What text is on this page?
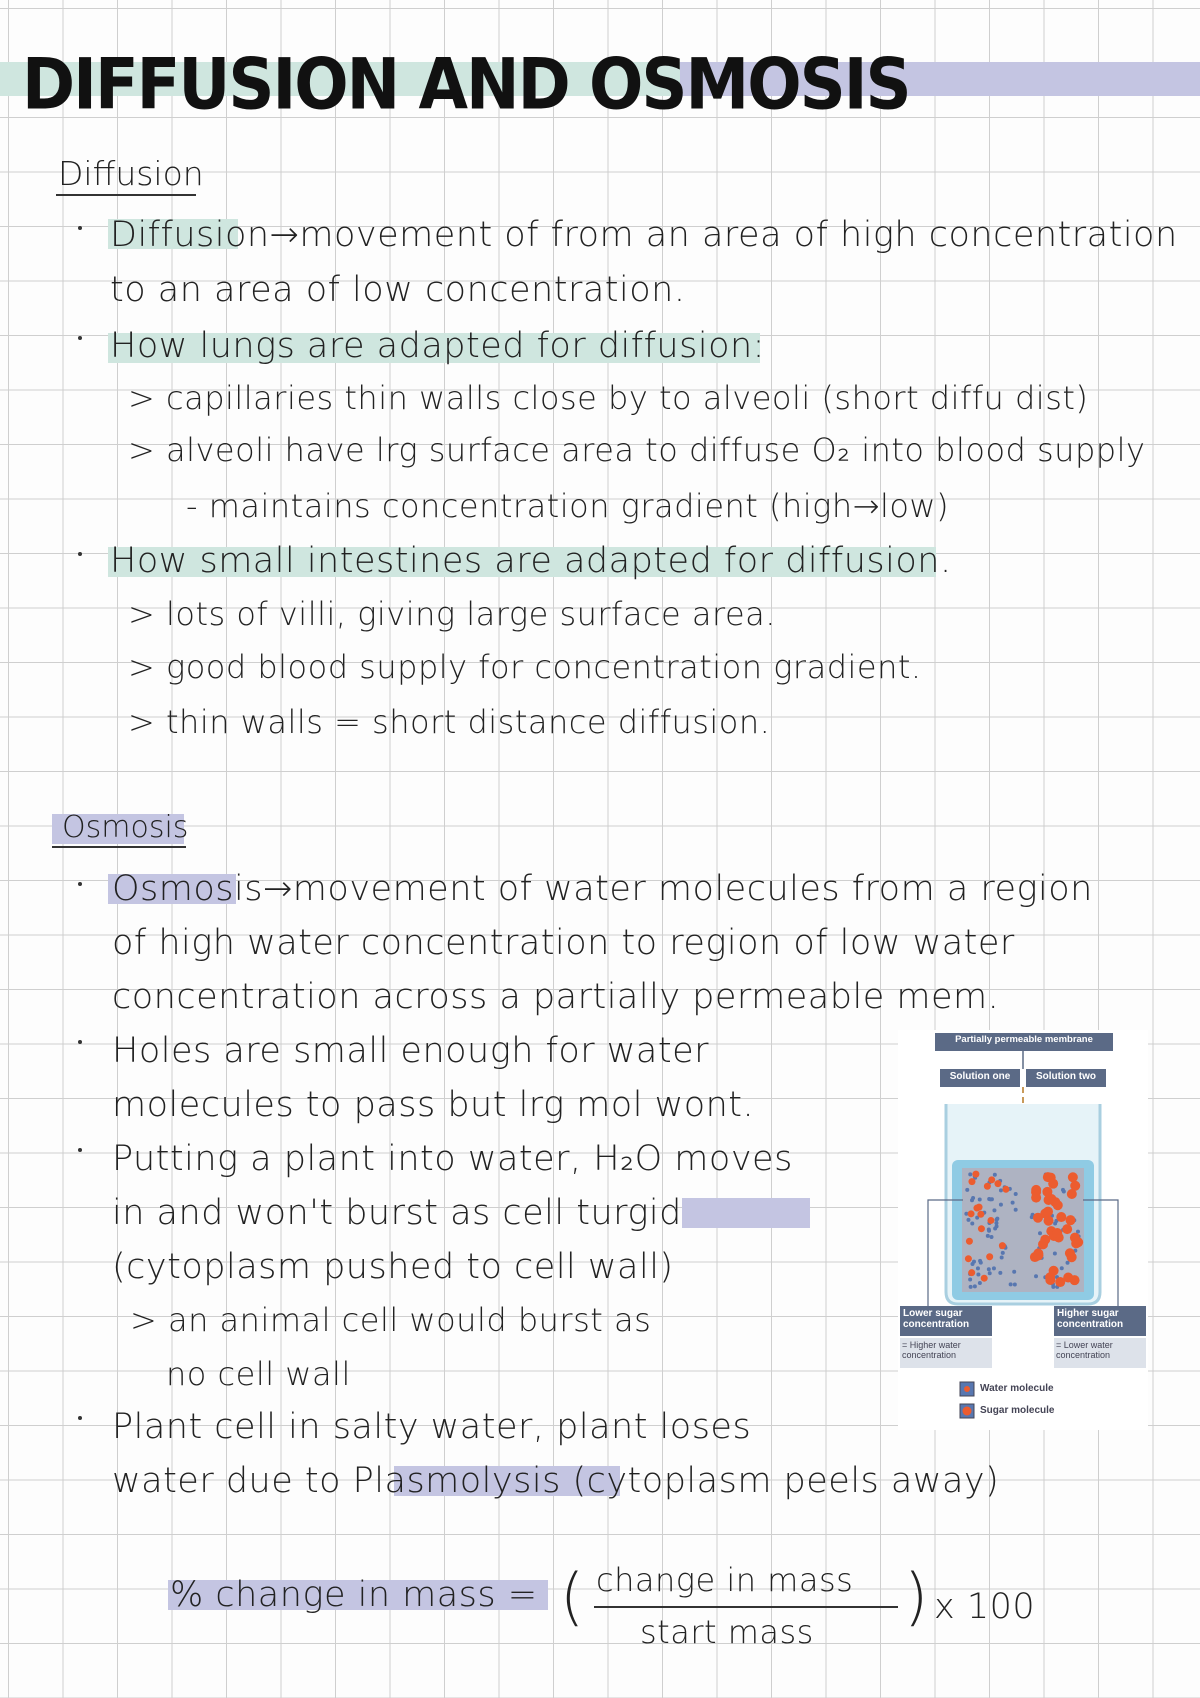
DIFFUSION AND OSMOSIS
Diffusion
Diffusion→movement of from an area of high concentration
to an area of low concentration.
How lungs are adapted for diffusion:
> capillaries thin walls close by to alveoli (short diffu dist)
> alveoli have lrg surface area to diffuse O₂ into blood supply
- maintains concentration gradient (high→low)
How small intestines are adapted for diffusion.
> lots of villi, giving large surface area.
> good blood supply for concentration gradient.
> thin walls = short distance diffusion.
Osmosis
Osmosis→movement of water molecules from a region
of high water concentration to region of low water
concentration across a partially permeable mem.
Holes are small enough for water
molecules to pass but lrg mol wont.
Putting a plant into water, H₂O moves
in and won't burst as cell turgid
(cytoplasm pushed to cell wall)
> an animal cell would burst as
no cell wall
Plant cell in salty water, plant loses
water due to Plasmolysis (cytoplasm peels away)
% change in mass = ( change in mass
start mass ) x 100
Partially permeable membrane
Solution one	Solution two
Lower sugar concentration
= Higher water concentration
Higher sugar concentration
= Lower water concentration
Water molecule
Sugar molecule
